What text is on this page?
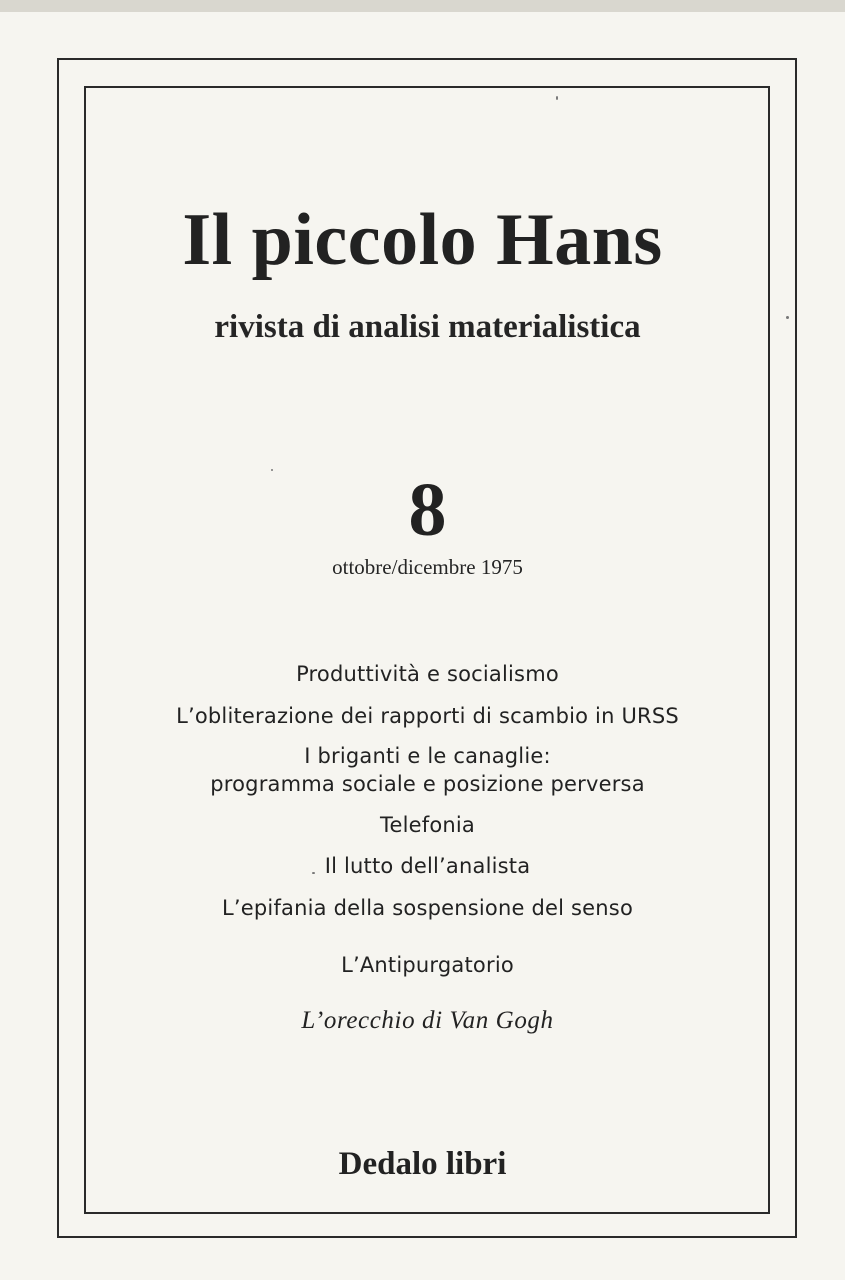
Il piccolo Hans
rivista di analisi materialistica
8
ottobre/dicembre 1975
Produttività e socialismo
L’obliterazione dei rapporti di scambio in URSS
I briganti e le canaglie:
programma sociale e posizione perversa
Telefonia
Il lutto dell’analista
L’epifania della sospensione del senso
L’Antipurgatorio
L’orecchio di Van Gogh
Dedalo libri
